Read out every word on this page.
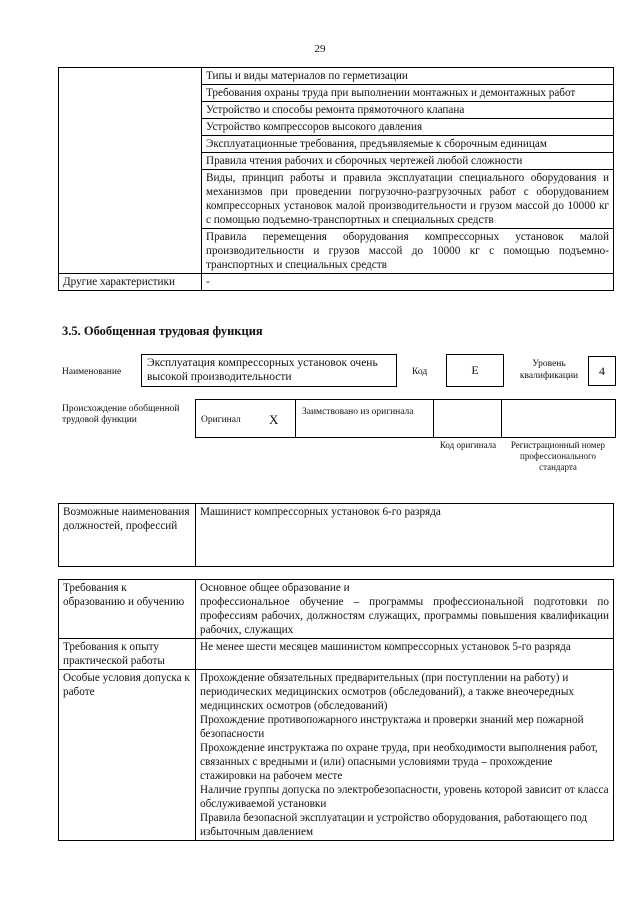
29
	Типы и виды материалов по герметизации
	Требования охраны труда при выполнении монтажных и демонтажных работ
	Устройство и способы ремонта прямоточного клапана
	Устройство компрессоров высокого давления
	Эксплуатационные требования, предъявляемые к сборочным единицам
	Правила чтения рабочих и сборочных чертежей любой сложности
	Виды, принцип работы и правила эксплуатации специального оборудования и механизмов при проведении погрузочно-разгрузочных работ с оборудованием компрессорных установок малой производительности и грузом массой до 10000 кг с помощью подъемно-транспортных и специальных средств
	Правила перемещения оборудования компрессорных установок малой производительности и грузов массой до 10000 кг с помощью подъемно-транспортных и специальных средств
Другие характеристики	-
3.5. Обобщенная трудовая функция
Наименование
Эксплуатация компрессорных установок очень высокой производительности	Код	E	Уровень квалификации	4
Происхождение обобщенной трудовой функции	Оригинал X Заимствовано из оригинала
Код оригинала	Регистрационный номер профессионального стандарта
Возможные наименования должностей, профессий	Машинист компрессорных установок 6-го разряда
Требования к образованию и обучению	Основное общее образование и
профессиональное обучение – программы профессиональной подготовки по профессиям рабочих, должностям служащих, программы повышения квалификации рабочих, служащих

Требования к опыту практической работы	Не менее шести месяцев машинистом компрессорных установок 5-го разряда

Особые условия допуска к работе	Прохождение обязательных предварительных (при поступлении на работу) и периодических медицинских осмотров (обследований), а также внеочередных медицинских осмотров (обследований)
Прохождение противопожарного инструктажа и проверки знаний мер пожарной безопасности
Прохождение инструктажа по охране труда, при необходимости выполнения работ, связанных с вредными и (или) опасными условиями труда – прохождение стажировки на рабочем месте
Наличие группы допуска по электробезопасности, уровень которой зависит от класса обслуживаемой установки
Правила безопасной эксплуатации и устройство оборудования, работающего под избыточным давлением
